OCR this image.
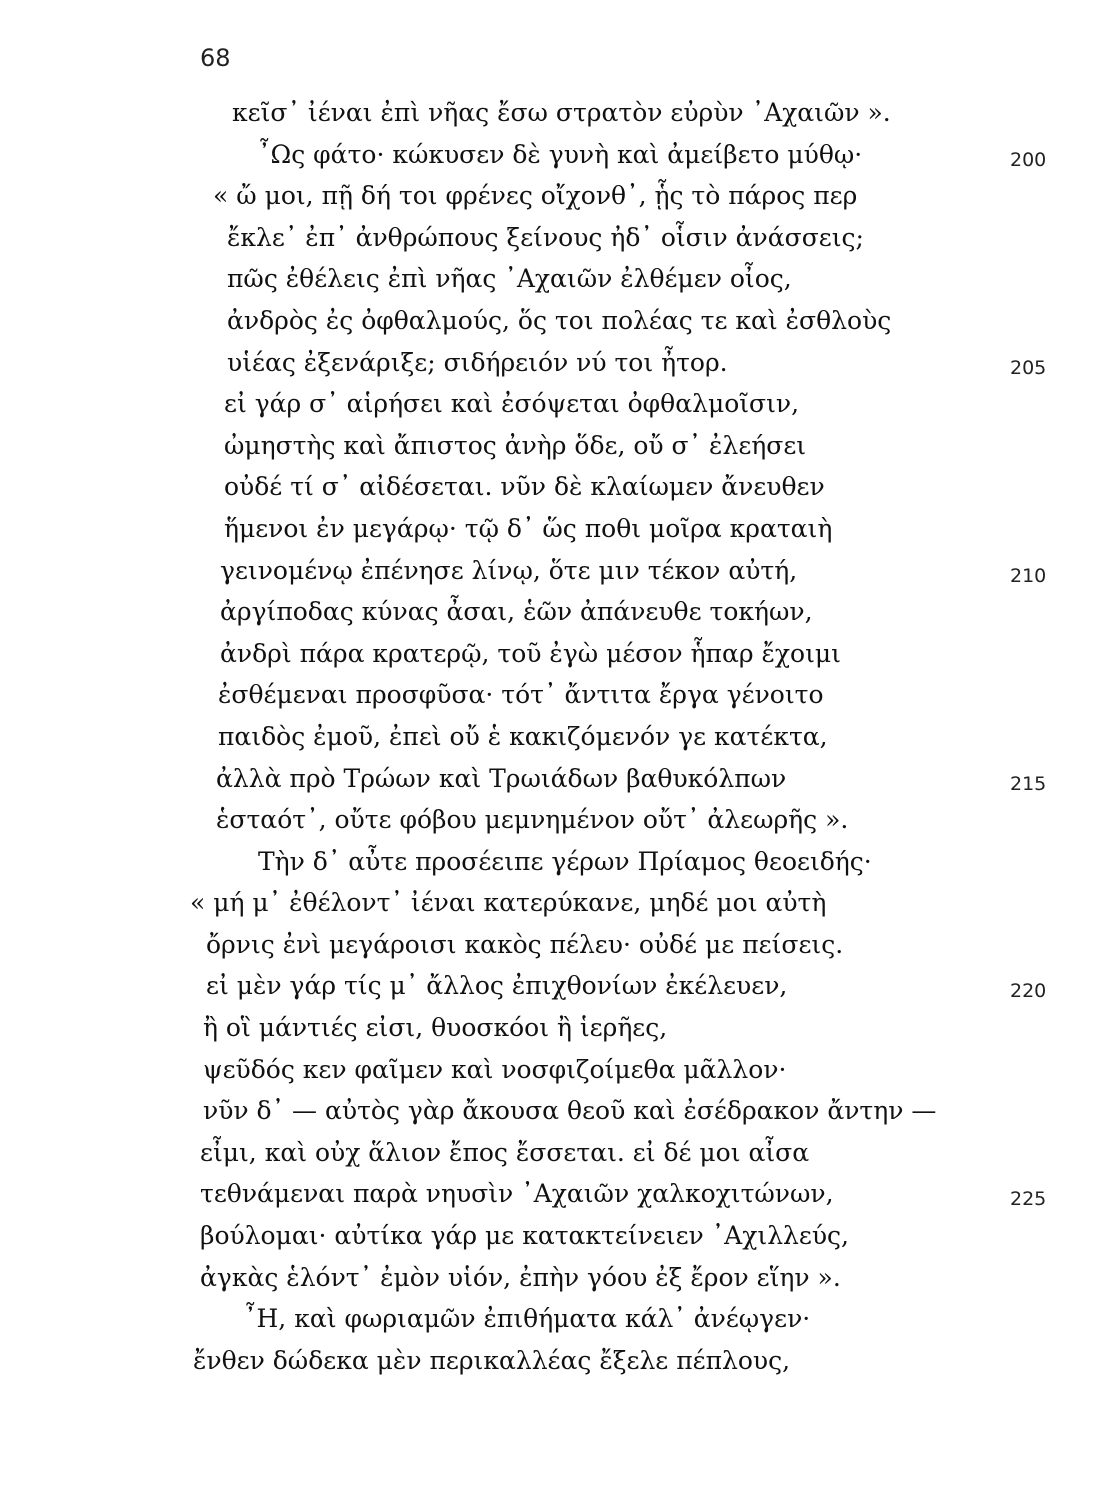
68
κεῖσ᾽ ἰέναι ἐπὶ νῆας ἔσω στρατὸν εὐρὺν ᾿Αχαιῶν ».
῏Ως φάτο· κώκυσεν δὲ γυνὴ καὶ ἀμείβετο μύθῳ·	200
« ὤ μοι, πῇ δή τοι φρένες οἴχονθ᾽, ᾗς τὸ πάρος περ
ἔκλε᾽ ἐπ᾽ ἀνθρώπους ξείνους ἠδ᾽ οἷσιν ἀνάσσεις;
πῶς ἐθέλεις ἐπὶ νῆας ᾿Αχαιῶν ἐλθέμεν οἶος,
ἀνδρὸς ἐς ὀφθαλμούς, ὅς τοι πολέας τε καὶ ἐσθλοὺς
υἱέας ἐξενάριξε; σιδήρειόν νύ τοι ἦτορ.	205
εἰ γάρ σ᾽ αἱρήσει καὶ ἐσόψεται ὀφθαλμοῖσιν,
ὠμηστὴς καὶ ἄπιστος ἀνὴρ ὅδε, οὔ σ᾽ ἐλεήσει
οὐδέ τί σ᾽ αἰδέσεται. νῦν δὲ κλαίωμεν ἄνευθεν
ἥμενοι ἐν μεγάρῳ· τῷ δ᾽ ὥς ποθι μοῖρα κραταιὴ
γεινομένῳ ἐπένησε λίνῳ, ὅτε μιν τέκον αὐτή,	210
ἀργίποδας κύνας ἆσαι, ἑῶν ἀπάνευθε τοκήων,
ἀνδρὶ πάρα κρατερῷ, τοῦ ἐγὼ μέσον ἧπαρ ἔχοιμι
ἐσθέμεναι προσφῦσα· τότ᾽ ἄντιτα ἔργα γένοιτο
παιδὸς ἐμοῦ, ἐπεὶ οὔ ἑ κακιζόμενόν γε κατέκτα,
ἀλλὰ πρὸ Τρώων καὶ Τρωιάδων βαθυκόλπων	215
ἑσταότ᾽, οὔτε φόβου μεμνημένον οὔτ᾽ ἀλεωρῆς ».
Τὴν δ᾽ αὖτε προσέειπε γέρων Πρίαμος θεοειδής·
« μή μ᾽ ἐθέλοντ᾽ ἰέναι κατερύκανε, μηδέ μοι αὐτὴ
ὄρνις ἐνὶ μεγάροισι κακὸς πέλευ· οὐδέ με πείσεις.
εἰ μὲν γάρ τίς μ᾽ ἄλλος ἐπιχθονίων ἐκέλευεν,	220
ἢ οἳ μάντιές εἰσι, θυοσκόοι ἢ ἱερῆες,
ψεῦδός κεν φαῖμεν καὶ νοσφιζοίμεθα μᾶλλον·
νῦν δ᾽ — αὐτὸς γὰρ ἄκουσα θεοῦ καὶ ἐσέδρακον ἄντην —
εἶμι, καὶ οὐχ ἅλιον ἔπος ἔσσεται. εἰ δέ μοι αἶσα
τεθνάμεναι παρὰ νηυσὶν ᾿Αχαιῶν χαλκοχιτώνων,	225
βούλομαι· αὐτίκα γάρ με κατακτείνειεν ᾿Αχιλλεύς,
ἀγκὰς ἑλόντ᾽ ἐμὸν υἱόν, ἐπὴν γόου ἐξ ἔρον εἵην ».
῏Η, καὶ φωριαμῶν ἐπιθήματα κάλ᾽ ἀνέῳγεν·
ἔνθεν δώδεκα μὲν περικαλλέας ἔξελε πέπλους,
